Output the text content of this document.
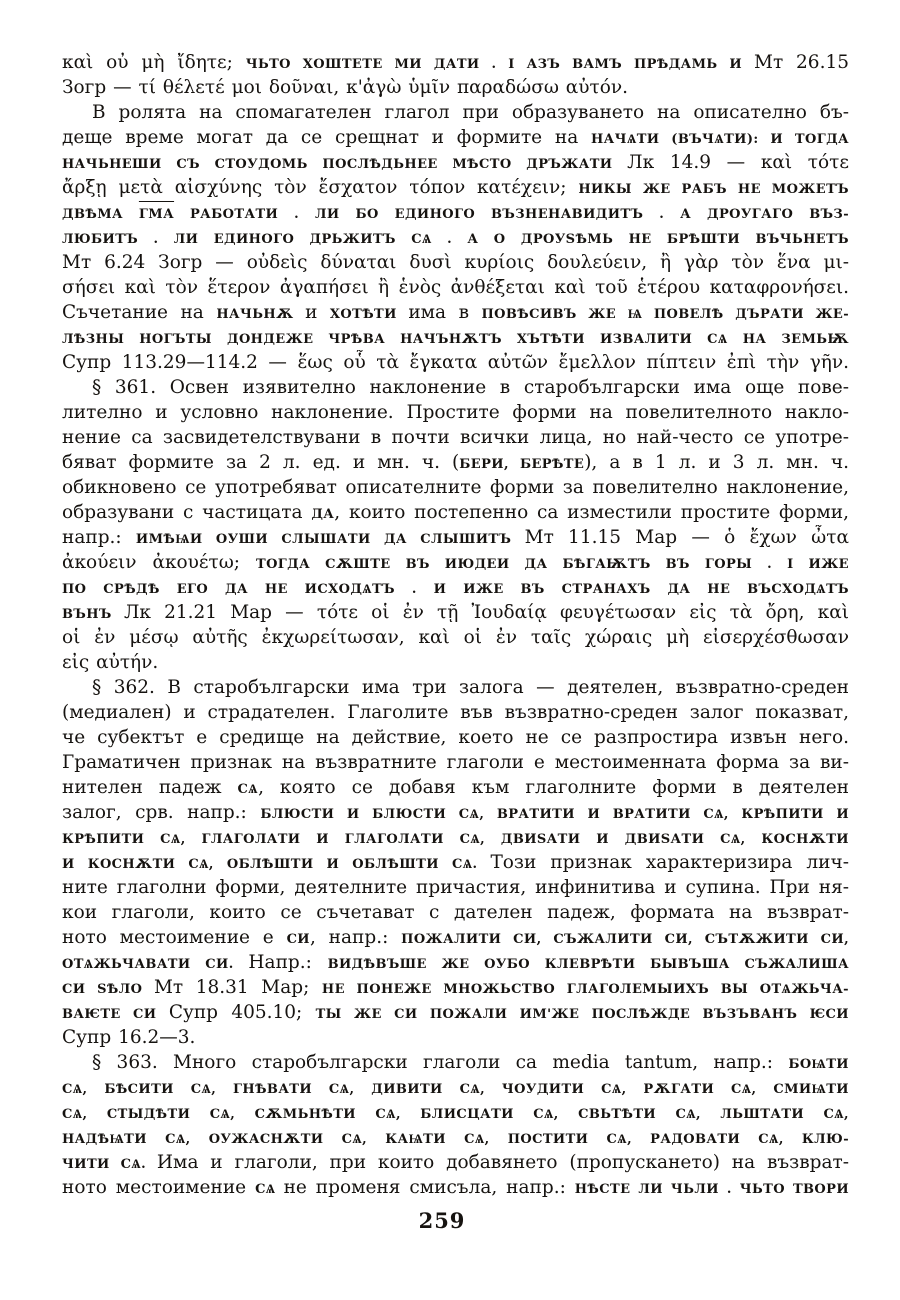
καὶ οὐ μὴ ἴδητε; чьто хоштете ми дати . і азъ вамъ прѣдамь и Мт 26.15
Зогр — τί θέλετέ μοι δοῦναι, κ'ἀγὼ ὑμῖν παραδώσω αὐτόν.
В ролята на спомагателен глагол при образуването на описателно бъ-
деще време могат да се срещнат и формите на начѧти (въчѧти): и тогда
начьнеши съ стоудомь послѣдьнее мѣсто дръжати Лк 14.9 — καὶ τότε
ἄρξῃ μετὰ αἰσχύνης τὸν ἔσχατον τόπον κατέχειν; никы же рабъ не можетъ
двѣма гма работати . ли бо единого възненавидитъ . а дроугаго въз-
любитъ . ли единого дрьжитъ сѧ . а о дроуѕѣмь не брѣшти въчьнетъ
Мт 6.24 Зогр — οὐδεὶς δύναται δυσὶ κυρίοις δουλεύειν, ἢ γὰρ τὸν ἕνα μι-
σήσει καὶ τὸν ἕτερον ἀγαπήσει ἢ ἑνὸς ἀνθέξεται καὶ τοῦ ἑτέρου καταφρονήσει.
Съчетание на начьнѫ и хотѣти има в повѣсивъ же ѩ повелѣ дърати же-
лѣзны ногъты дондеже чрѣва начънѫтъ хътѣти извалити сѧ на земьѭ
Супр 113.29—114.2 — ἕως οὗ τὰ ἔγκατα αὐτῶν ἔμελλον πίπτειν ἐπὶ τὴν γῆν.
§ 361. Освен изявително наклонение в старобългарски има още пове-
лително и условно наклонение. Простите форми на повелителното накло-
нение са засвидетелствувани в почти всички лица, но най-често се употре-
бяват формите за 2 л. ед. и мн. ч. (бери, берѣте), а в 1 л. и 3 л. мн. ч.
обикновено се употребяват описателните форми за повелително наклонение,
образувани с частицата да, които постепенно са изместили простите форми,
напр.: имѣѩи оуши слышати да слышитъ Мт 11.15 Мар — ὁ ἔχων ὦτα
ἀκούειν ἀκουέτω; тогда сѫште въ июдеи да бѣгаѭтъ въ горы . і иже
по срѣдѣ его да не исходѧтъ . и иже въ странахъ да не въсходѧтъ
вънъ Лк 21.21 Мар — τότε οἱ ἐν τῇ Ἰουδαίᾳ φευγέτωσαν εἰς τὰ ὄρη, καὶ
οἱ ἐν μέσῳ αὐτῆς ἐκχωρείτωσαν, καὶ οἱ ἐν ταῖς χώραις μὴ εἰσερχέσθωσαν
εἰς αὐτήν.
§ 362. В старобългарски има три залога — деятелен, възвратно-среден
(медиален) и страдателен. Глаголите във възвратно-среден залог показват,
че субектът е средище на действие, което не се разпростира извън него.
Граматичен признак на възвратните глаголи е местоименната форма за ви-
нителен падеж сѧ, която се добавя към глаголните форми в деятелен
залог, срв. напр.: блюсти и блюсти сѧ, вратити и вратити сѧ, крѣпити и
крѣпити сѧ, глаголати и глаголати сѧ, двиѕати и двиѕати сѧ, коснѫти
и коснѫти сѧ, облѣшти и облѣшти сѧ. Този признак характеризира лич-
ните глаголни форми, деятелните причастия, инфинитива и супина. При ня-
кои глаголи, които се съчетават с дателен падеж, формата на възврат-
ното местоимение е си, напр.: пожалити си, съжалити си, сътѫжити си,
отѧжьчавати си. Напр.: видѣвъше же оубо клеврѣти бывъша съжалиша
си ѕѣло Мт 18.31 Мар; не понеже множьство глаголемыихъ вы отѧжьча-
ваѥте си Супр 405.10; ты же си пожали им'же послѣжде възъванъ ѥси
Супр 16.2—3.
§ 363. Много старобългарски глаголи са media tantum, напр.: боѩти
сѧ, бѣсити сѧ, гнѣвати сѧ, дивити сѧ, чоудити сѧ, рѫгати сѧ, смиѩти
сѧ, стыдѣти сѧ, сѫмьнѣти сѧ, блисцати сѧ, свьтѣти сѧ, льштати сѧ,
надѣѩти сѧ, оужаснѫти сѧ, каѩти сѧ, постити сѧ, радовати сѧ, клю-
чити сѧ. Има и глаголи, при които добавянето (пропускането) на възврат-
ното местоимение сѧ не променя смисъла, напр.: нѣсте ли чьли . чьто твори
259
